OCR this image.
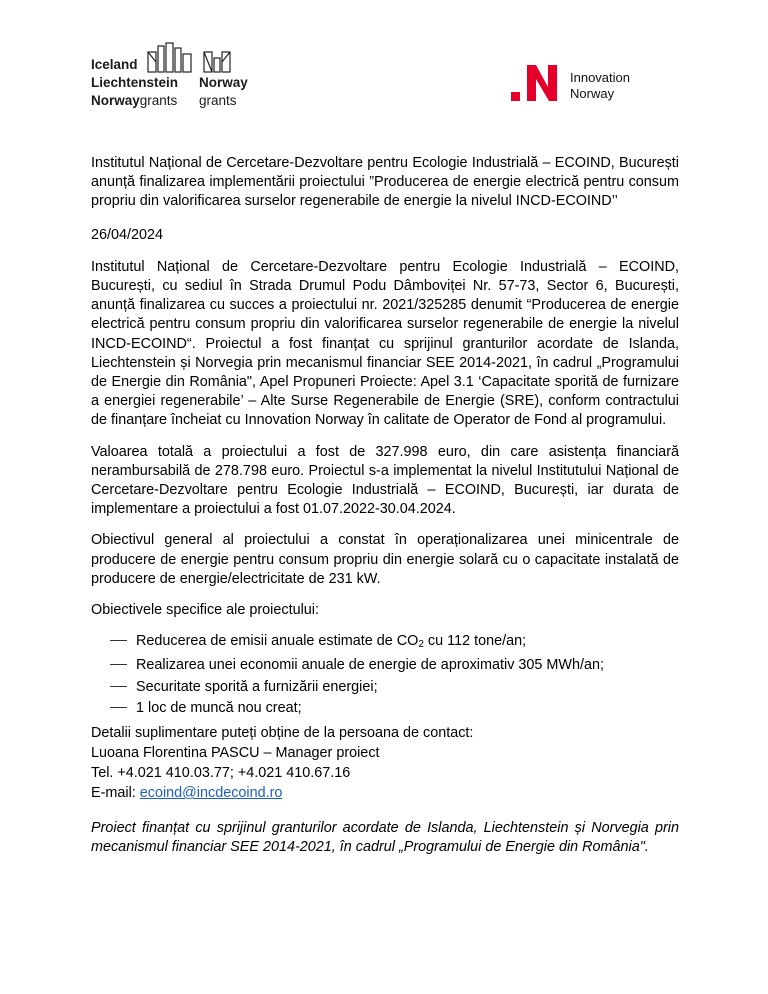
Iceland
Liechtenstein
Norwaygrants
Norway
grants
Innovation
Norway

Institutul Național de Cercetare-Dezvoltare pentru Ecologie Industrială – ECOIND, București anunță finalizarea implementării proiectului ”Producerea de energie electrică pentru consum propriu din valorificarea surselor regenerabile de energie la nivelul INCD-ECOIND’’

26/04/2024

Institutul Național de Cercetare-Dezvoltare pentru Ecologie Industrială – ECOIND, București, cu sediul în Strada Drumul Podu Dâmboviței Nr. 57-73, Sector 6, București, anunță finalizarea cu succes a proiectului nr. 2021/325285 denumit “Producerea de energie electrică pentru consum propriu din valorificarea surselor regenerabile de energie la nivelul INCD-ECOIND“. Proiectul a fost finanțat cu sprijinul granturilor acordate de Islanda, Liechtenstein și Norvegia prin mecanismul financiar SEE 2014-2021, în cadrul „Programului de Energie din România", Apel Propuneri Proiecte: Apel 3.1 ‘Capacitate sporită de furnizare a energiei regenerabile’ – Alte Surse Regenerabile de Energie (SRE), conform contractului de finanțare încheiat cu Innovation Norway în calitate de Operator de Fond al programului.

Valoarea totală a proiectului a fost de 327.998 euro, din care asistența financiară nerambursabilă de 278.798 euro. Proiectul s-a implementat la nivelul Institutului Național de Cercetare-Dezvoltare pentru Ecologie Industrială – ECOIND, București, iar durata de implementare a proiectului a fost 01.07.2022-30.04.2024.

Obiectivul general al proiectului a constat în operaționalizarea unei minicentrale de producere de energie pentru consum propriu din energie solară cu o capacitate instalată de producere de energie/electricitate de 231 kW.

Obiectivele specifice ale proiectului:

Reducerea de emisii anuale estimate de $CO_2$ cu 112 tone/an;
Realizarea unei economii anuale de energie de aproximativ 305 MWh/an;
Securitate sporită a furnizării energiei;
1 loc de muncă nou creat;
Detalii suplimentare puteți obține de la persoana de contact:
Luoana Florentina PASCU – Manager proiect
Tel. +4.021 410.03.77; +4.021 410.67.16
E-mail: ecoind@incdecoind.ro

Proiect finanțat cu sprijinul granturilor acordate de Islanda, Liechtenstein și Norvegia prin mecanismul financiar SEE 2014-2021, în cadrul „Programului de Energie din România".
